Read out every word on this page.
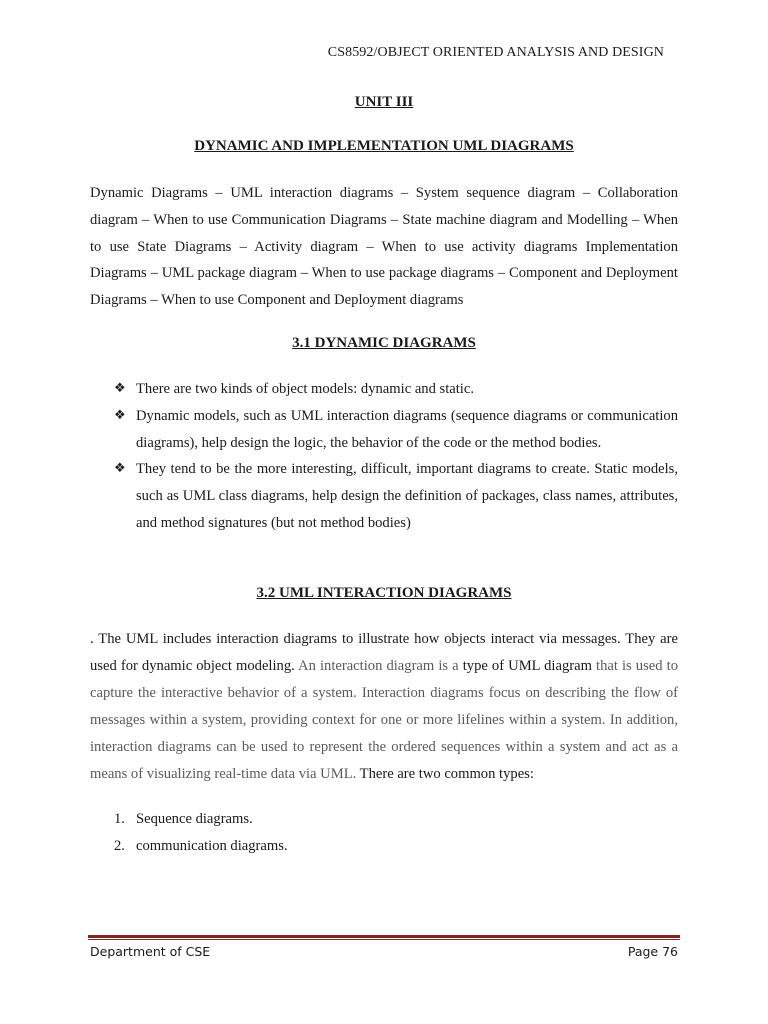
CS8592/OBJECT ORIENTED ANALYSIS AND DESIGN
UNIT III
DYNAMIC AND IMPLEMENTATION UML DIAGRAMS

Dynamic Diagrams – UML interaction diagrams – System sequence diagram – Collaboration diagram – When to use Communication Diagrams – State machine diagram and Modelling – When to use State Diagrams – Activity diagram – When to use activity diagrams Implementation Diagrams – UML package diagram – When to use package diagrams – Component and Deployment Diagrams – When to use Component and Deployment diagrams

3.1 DYNAMIC DIAGRAMS
❖ There are two kinds of object models: dynamic and static.
❖ Dynamic models, such as UML interaction diagrams (sequence diagrams or communication diagrams), help design the logic, the behavior of the code or the method bodies.
❖ They tend to be the more interesting, difficult, important diagrams to create. Static models, such as UML class diagrams, help design the definition of packages, class names, attributes, and method signatures (but not method bodies)
3.2 UML INTERACTION DIAGRAMS

. The UML includes interaction diagrams to illustrate how objects interact via messages. They are used for dynamic object modeling. An interaction diagram is a type of UML diagram that is used to capture the interactive behavior of a system. Interaction diagrams focus on describing the flow of messages within a system, providing context for one or more lifelines within a system. In addition, interaction diagrams can be used to represent the ordered sequences within a system and act as a means of visualizing real-time data via UML. There are two common types:

1. Sequence diagrams.
2. communication diagrams.
Department of CSE	Page 76
